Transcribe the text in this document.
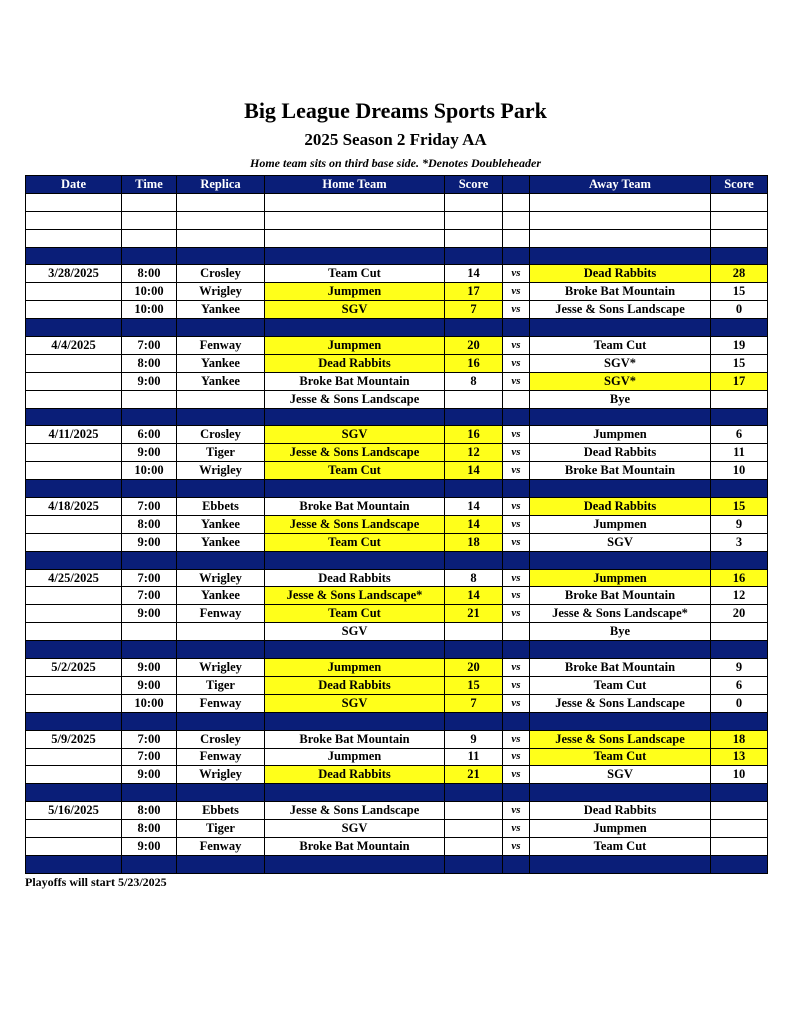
Big League Dreams Sports Park
2025 Season 2 Friday AA
Home team sits on third base side. *Denotes Doubleheader
Date	Time	Replica	Home Team	Score		Away Team	Score

3/28/2025	8:00	Crosley	Team Cut	14	vs	Dead Rabbits	28
	10:00	Wrigley	Jumpmen	17	vs	Broke Bat Mountain	15
	10:00	Yankee	SGV	7	vs	Jesse & Sons Landscape	0

4/4/2025	7:00	Fenway	Jumpmen	20	vs	Team Cut	19
	8:00	Yankee	Dead Rabbits	16	vs	SGV*	15
	9:00	Yankee	Broke Bat Mountain	8	vs	SGV*	17
			Jesse & Sons Landscape			Bye	

4/11/2025	6:00	Crosley	SGV	16	vs	Jumpmen	6
	9:00	Tiger	Jesse & Sons Landscape	12	vs	Dead Rabbits	11
	10:00	Wrigley	Team Cut	14	vs	Broke Bat Mountain	10

4/18/2025	7:00	Ebbets	Broke Bat Mountain	14	vs	Dead Rabbits	15
	8:00	Yankee	Jesse & Sons Landscape	14	vs	Jumpmen	9
	9:00	Yankee	Team Cut	18	vs	SGV	3

4/25/2025	7:00	Wrigley	Dead Rabbits	8	vs	Jumpmen	16
	7:00	Yankee	Jesse & Sons Landscape*	14	vs	Broke Bat Mountain	12
	9:00	Fenway	Team Cut	21	vs	Jesse & Sons Landscape*	20
			SGV			Bye	

5/2/2025	9:00	Wrigley	Jumpmen	20	vs	Broke Bat Mountain	9
	9:00	Tiger	Dead Rabbits	15	vs	Team Cut	6
	10:00	Fenway	SGV	7	vs	Jesse & Sons Landscape	0

5/9/2025	7:00	Crosley	Broke Bat Mountain	9	vs	Jesse & Sons Landscape	18
	7:00	Fenway	Jumpmen	11	vs	Team Cut	13
	9:00	Wrigley	Dead Rabbits	21	vs	SGV	10

5/16/2025	8:00	Ebbets	Jesse & Sons Landscape		vs	Dead Rabbits	
	8:00	Tiger	SGV		vs	Jumpmen	
	9:00	Fenway	Broke Bat Mountain		vs	Team Cut	

Playoffs will start 5/23/2025
